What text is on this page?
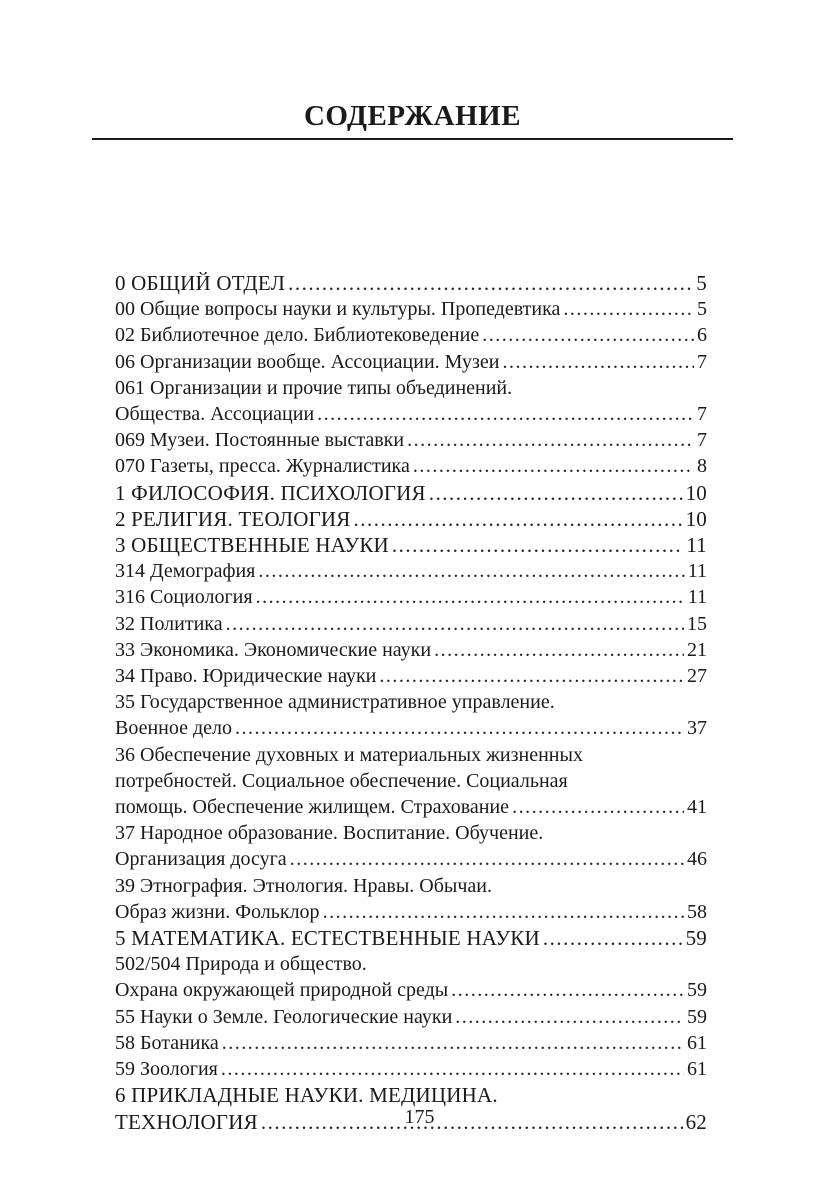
СОДЕРЖАНИЕ
0 ОБЩИЙ ОТДЕЛ .....	5
00 Общие вопросы науки и культуры. Пропедевтика .....	5
02 Библиотечное дело. Библиотековедение .....	6
06 Организации вообще. Ассоциации. Музеи .....	7
061 Организации и прочие типы объединений.
Общества. Ассоциации .....	7
069 Музеи. Постоянные выставки .....	7
070 Газеты, пресса. Журналистика .....	8
1 ФИЛОСОФИЯ. ПСИХОЛОГИЯ .....	10
2 РЕЛИГИЯ. ТЕОЛОГИЯ .....	10
3 ОБЩЕСТВЕННЫЕ НАУКИ .....	11
314 Демография .....	11
316 Социология .....	11
32 Политика .....	15
33 Экономика. Экономические науки .....	21
34 Право. Юридические науки .....	27
35 Государственное административное управление.
Военное дело .....	37
36 Обеспечение духовных и материальных жизненных
потребностей. Социальное обеспечение. Социальная
помощь. Обеспечение жилищем. Страхование .....	41
37 Народное образование. Воспитание. Обучение.
Организация досуга .....	46
39 Этнография. Этнология. Нравы. Обычаи.
Образ жизни. Фольклор .....	58
5 МАТЕМАТИКА. ЕСТЕСТВЕННЫЕ НАУКИ .....	59
502/504 Природа и общество.
Охрана окружающей природной среды .....	59
55 Науки о Земле. Геологические науки .....	59
58 Ботаника .....	61
59 Зоология .....	61
6 ПРИКЛАДНЫЕ НАУКИ. МЕДИЦИНА.
ТЕХНОЛОГИЯ .....	62
175
